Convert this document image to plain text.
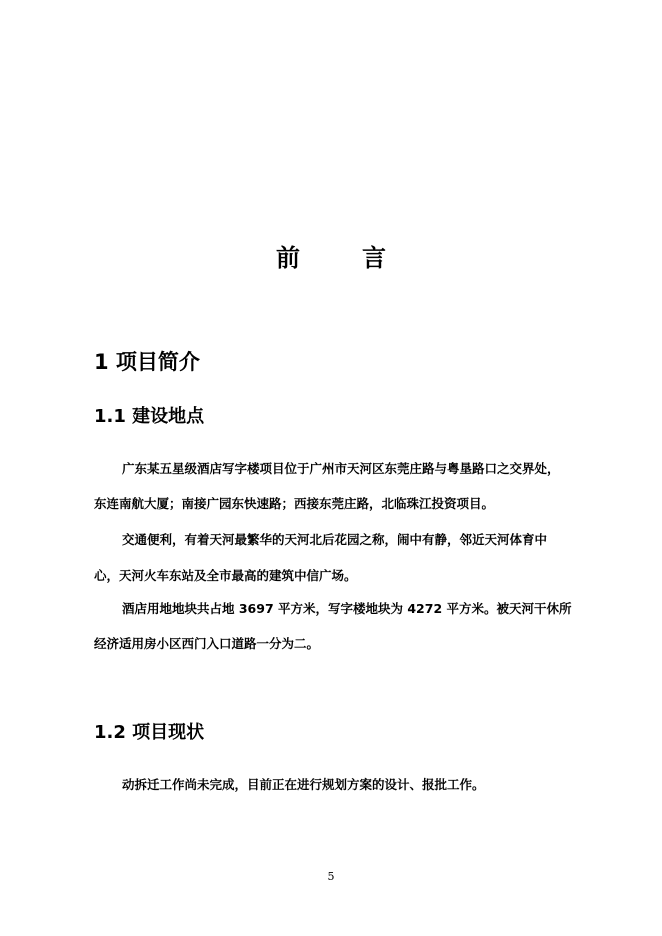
前	言
1 项目简介
1.1 建设地点
广东某五星级酒店写字楼项目位于广州市天河区东莞庄路与粤垦路口之交界处，
东连南航大厦；南接广园东快速路；西接东莞庄路，北临珠江投资项目。
交通便利，有着天河最繁华的天河北后花园之称，闹中有静，邻近天河体育中
心，天河火车东站及全市最高的建筑中信广场。
酒店用地地块共占地 3697 平方米，写字楼地块为 4272 平方米。被天河干休所
经济适用房小区西门入口道路一分为二。
1.2 项目现状
动拆迁工作尚未完成，目前正在进行规划方案的设计、报批工作。
5
